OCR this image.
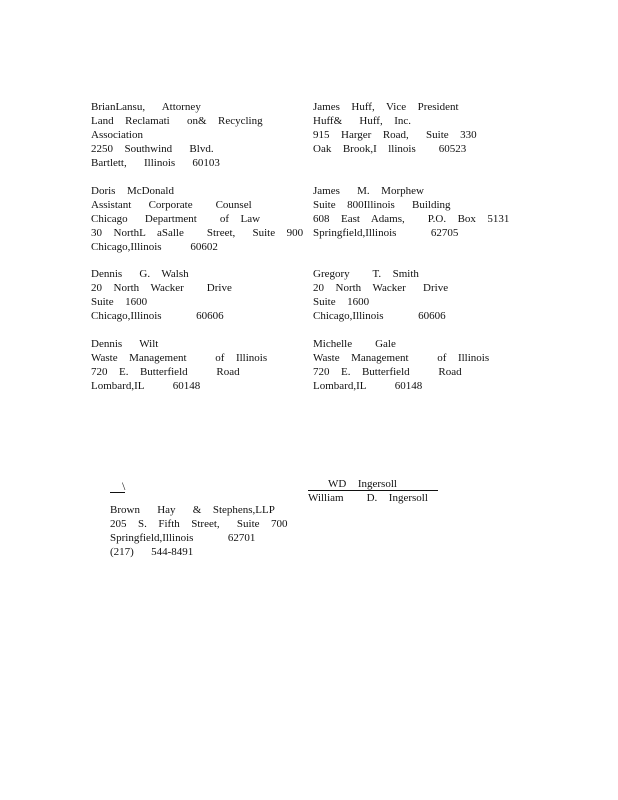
BrianLansu,   Attorney
Land  Reclamati   on&  Recycling
Association
2250  Southwind   Blvd.
Bartlett,   Illinois   60103
James  Huff,  Vice  President
Huff&   Huff,  Inc.
915  Harger  Road,   Suite  330
Oak  Brook,I  llinois    60523
Doris  McDonald
Assistant   Corporate    Counsel
Chicago   Department    of  Law
30  NorthL  aSalle    Street,   Suite  900
Chicago,Illinois     60602
James   M.  Morphew
Suite  800Illinois   Building
608  East  Adams,    P.O.  Box  5131
Springfield,Illinois      62705
Dennis   G.  Walsh
20  North  Wacker    Drive
Suite  1600
Chicago,Illinois      60606
Gregory    T.  Smith
20  North  Wacker   Drive
Suite  1600
Chicago,Illinois      60606
Dennis   Wilt
Waste  Management     of  Illinois
720  E.  Butterfield     Road
Lombard,IL     60148
Michelle    Gale
Waste  Management     of  Illinois
720  E.  Butterfield     Road
Lombard,IL     60148
\	WD  Ingersoll
William    D.  Ingersoll
Brown   Hay   &  Stephens,LLP
205  S.  Fifth  Street,   Suite  700
Springfield,Illinois      62701
(217)   544-8491
